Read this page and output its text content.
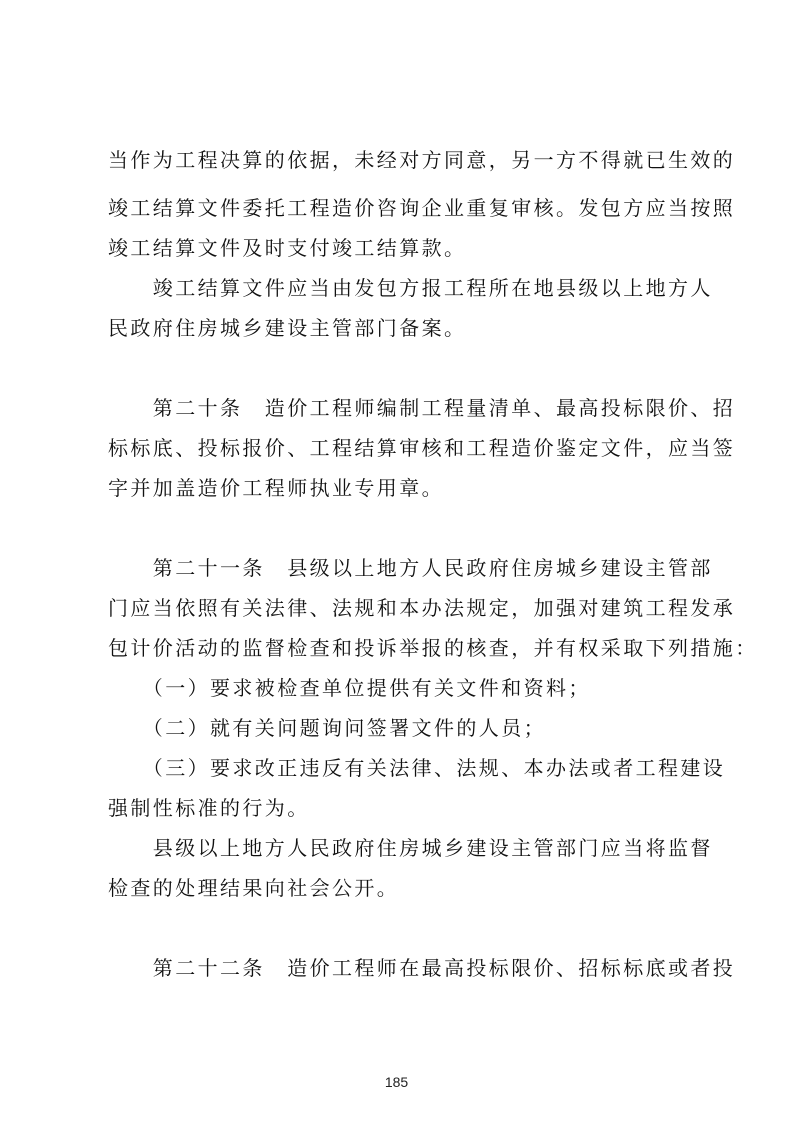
当作为工程决算的依据，未经对方同意，另一方不得就已生效的
竣工结算文件委托工程造价咨询企业重复审核。发包方应当按照
竣工结算文件及时支付竣工结算款。
　　竣工结算文件应当由发包方报工程所在地县级以上地方人
民政府住房城乡建设主管部门备案。
　　第二十条　造价工程师编制工程量清单、最高投标限价、招
标标底、投标报价、工程结算审核和工程造价鉴定文件，应当签
字并加盖造价工程师执业专用章。
　　第二十一条　县级以上地方人民政府住房城乡建设主管部
门应当依照有关法律、法规和本办法规定，加强对建筑工程发承
包计价活动的监督检查和投诉举报的核查，并有权采取下列措施：
　　（一）要求被检查单位提供有关文件和资料；
　　（二）就有关问题询问签署文件的人员；
　　（三）要求改正违反有关法律、法规、本办法或者工程建设
强制性标准的行为。
　　县级以上地方人民政府住房城乡建设主管部门应当将监督
检查的处理结果向社会公开。
　　第二十二条　造价工程师在最高投标限价、招标标底或者投
185
